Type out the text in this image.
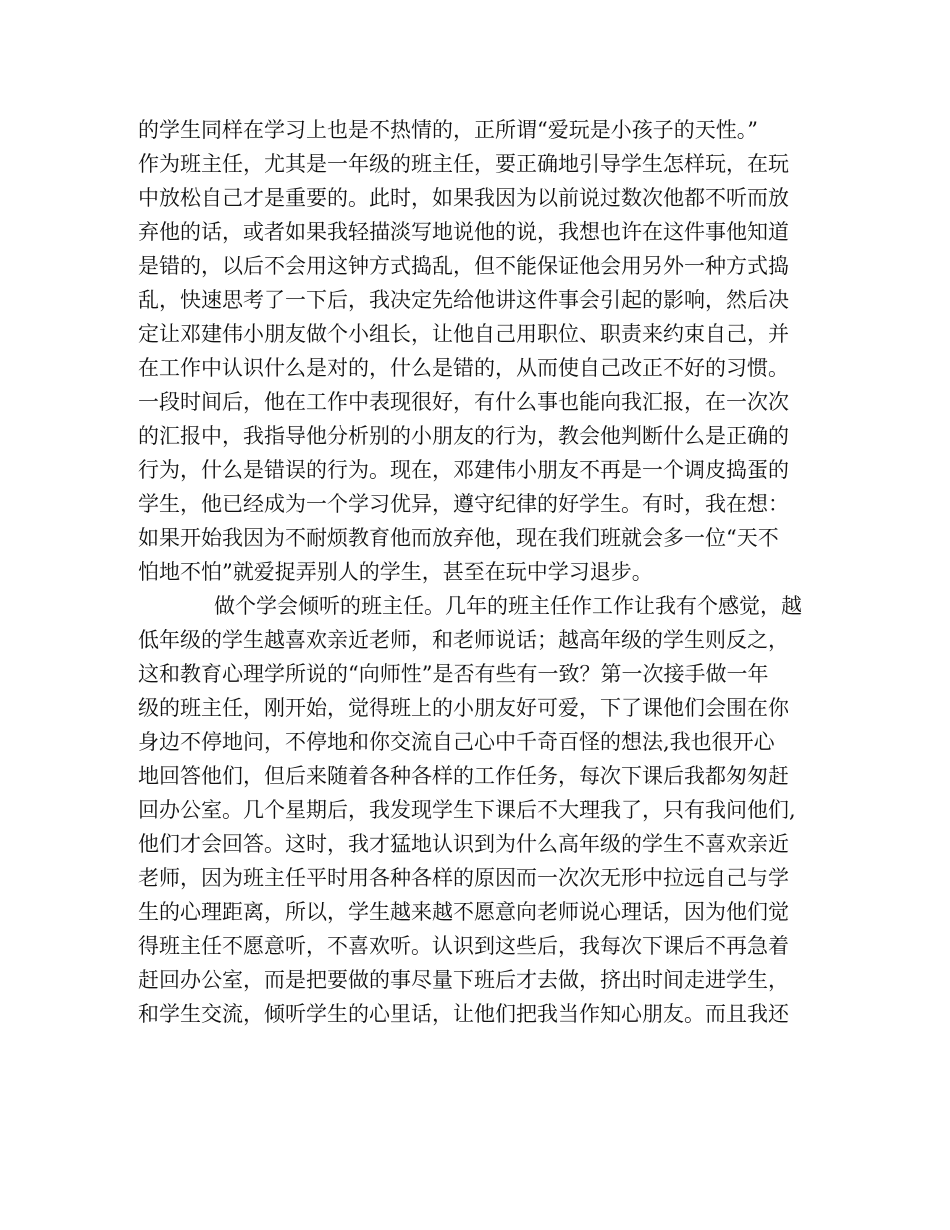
的学生同样在学习上也是不热情的，正所谓“爱玩是小孩子的天性。”
作为班主任，尤其是一年级的班主任，要正确地引导学生怎样玩，在玩
中放松自己才是重要的。此时，如果我因为以前说过数次他都不听而放
弃他的话，或者如果我轻描淡写地说他的说，我想也许在这件事他知道
是错的，以后不会用这钟方式捣乱，但不能保证他会用另外一种方式捣
乱，快速思考了一下后，我决定先给他讲这件事会引起的影响，然后决
定让邓建伟小朋友做个小组长，让他自己用职位、职责来约束自己，并
在工作中认识什么是对的，什么是错的，从而使自己改正不好的习惯。
一段时间后，他在工作中表现很好，有什么事也能向我汇报，在一次次
的汇报中，我指导他分析别的小朋友的行为，教会他判断什么是正确的
行为，什么是错误的行为。现在，邓建伟小朋友不再是一个调皮捣蛋的
学生，他已经成为一个学习优异，遵守纪律的好学生。有时，我在想：
如果开始我因为不耐烦教育他而放弃他，现在我们班就会多一位“天不
怕地不怕”就爱捉弄别人的学生，甚至在玩中学习退步。
做个学会倾听的班主任。几年的班主任作工作让我有个感觉，越
低年级的学生越喜欢亲近老师，和老师说话；越高年级的学生则反之，
这和教育心理学所说的“向师性”是否有些有一致？第一次接手做一年
级的班主任，刚开始，觉得班上的小朋友好可爱，下了课他们会围在你
身边不停地问，不停地和你交流自己心中千奇百怪的想法,我也很开心
地回答他们，但后来随着各种各样的工作任务，每次下课后我都匆匆赶
回办公室。几个星期后，我发现学生下课后不大理我了，只有我问他们,
他们才会回答。这时，我才猛地认识到为什么高年级的学生不喜欢亲近
老师，因为班主任平时用各种各样的原因而一次次无形中拉远自己与学
生的心理距离，所以，学生越来越不愿意向老师说心理话，因为他们觉
得班主任不愿意听，不喜欢听。认识到这些后，我每次下课后不再急着
赶回办公室，而是把要做的事尽量下班后才去做，挤出时间走进学生，
和学生交流，倾听学生的心里话，让他们把我当作知心朋友。而且我还
